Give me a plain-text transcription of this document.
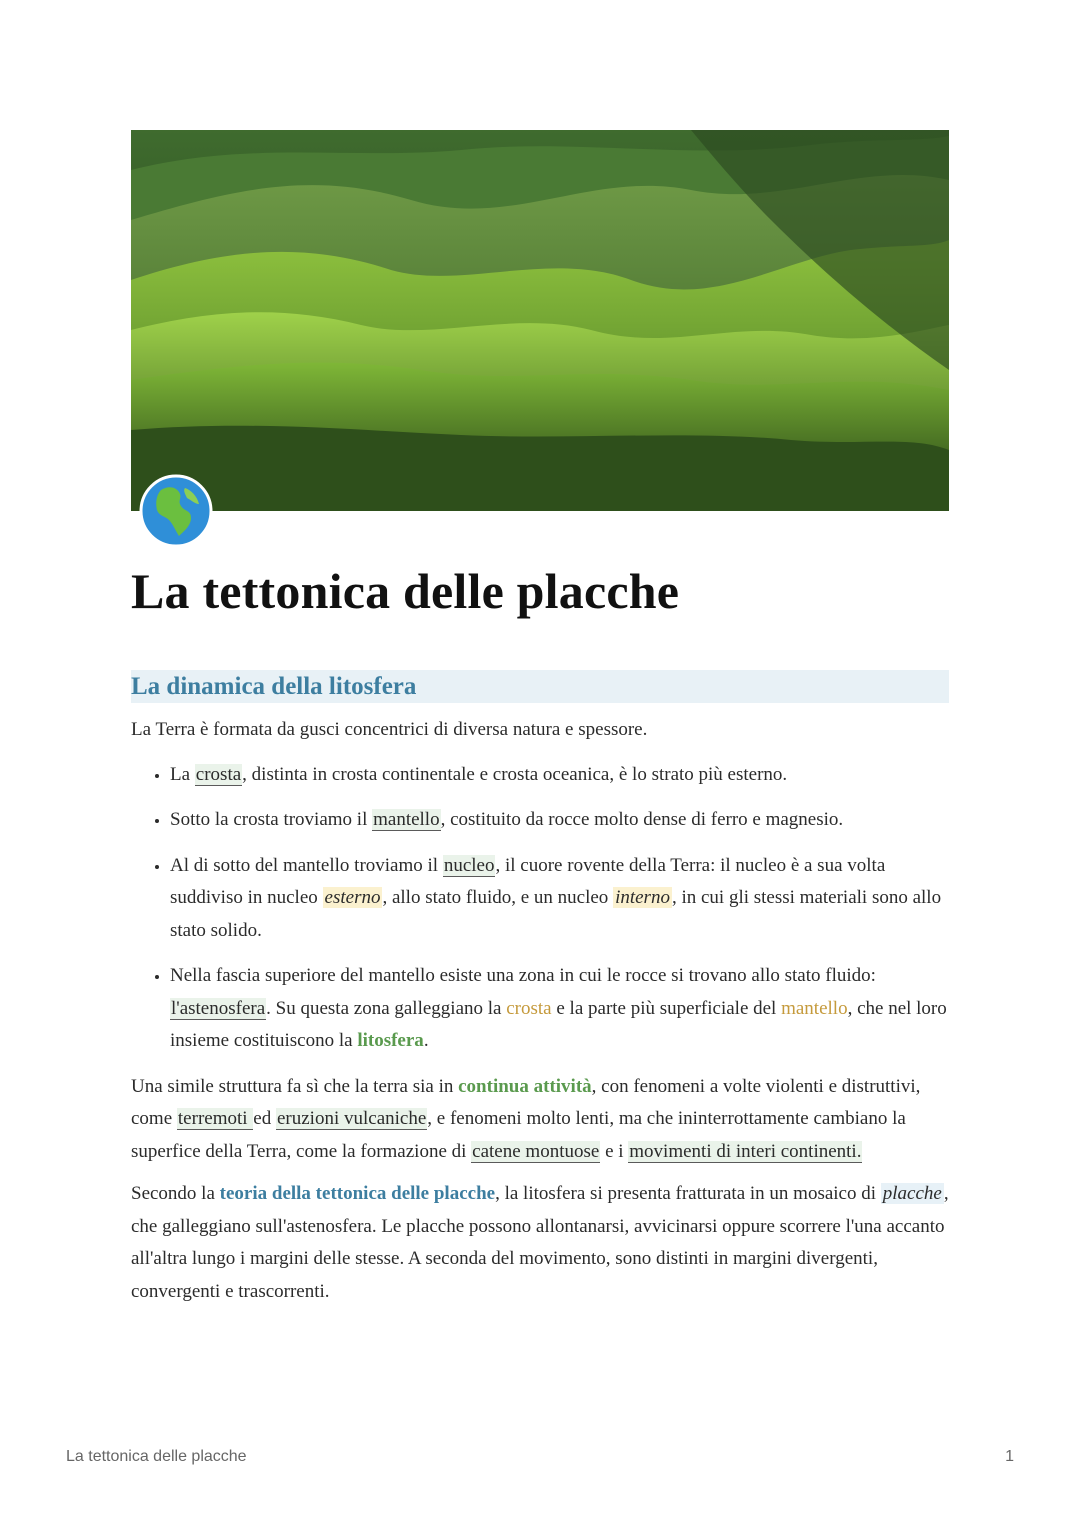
La tettonica delle placche
La dinamica della litosfera

La Terra è formata da gusci concentrici di diversa natura e spessore.

• La crosta, distinta in crosta continentale e crosta oceanica, è lo strato più esterno.
• Sotto la crosta troviamo il mantello, costituito da rocce molto dense di ferro e magnesio.
• Al di sotto del mantello troviamo il nucleo, il cuore rovente della Terra: il nucleo è a sua volta suddiviso in nucleo esterno , allo stato fluido, e un nucleo interno , in cui gli stessi materiali sono allo stato solido.
• Nella fascia superiore del mantello esiste una zona in cui le rocce si trovano allo stato fluido: l'astenosfera. Su questa zona galleggiano la crosta e la parte più superficiale del mantello, che nel loro insieme costituiscono la litosfera.

Una simile struttura fa sì che la terra sia in continua attività, con fenomeni a volte violenti e distruttivi, come terremoti ed eruzioni vulcaniche, e fenomeni molto lenti, ma che ininterrottamente cambiano la superfice della Terra, come la formazione di catene montuose e i movimenti di interi continenti.

Secondo la teoria della tettonica delle placche, la litosfera si presenta fratturata in un mosaico di placche , che galleggiano sull'astenosfera. Le placche possono allontanarsi, avvicinarsi oppure scorrere l'una accanto all'altra lungo i margini delle stesse. A seconda del movimento, sono distinti in margini divergenti, convergenti e trascorrenti.

La tettonica delle placche	1
